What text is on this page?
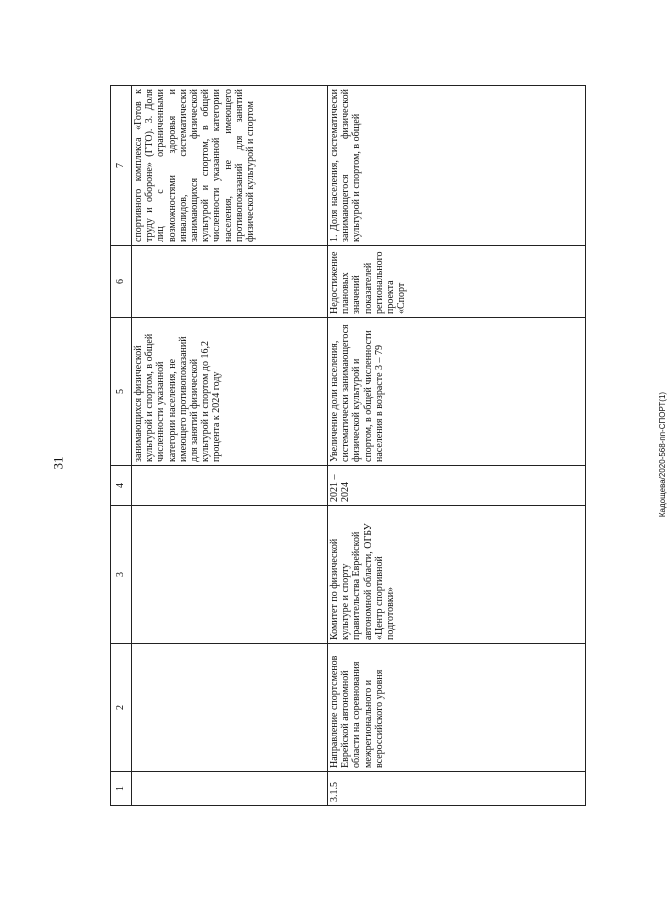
31
1	2	3	4	5	6	7
				занимающихся физической культурой и спортом, в общей численности указанной категории населения, не имеющего противопоказаний для занятий физической культурой и спортом до 16,2 процента к 2024 году		спортивного комплекса «Готов к труду и обороне» (ГТО). 3. Доля лиц с ограниченными возможностями здоровья и инвалидов, систематически занимающихся физической культурой и спортом, в общей численности указанной категории населения, не имеющего противопоказаний для занятий физической культурой и спортом
3.1.5	Направление спортсменов Еврейской автономной области на соревнования межрегионального и всероссийского уровня	Комитет по физической культуре и спорту правительства Еврейской автономной области, ОГБУ «Центр спортивной подготовки»	2021 – 2024	Увеличение доли населения, систематически занимающегося физической культурой и спортом, в общей численности населения в возрасте 3 – 79	Недостижение плановых значений показателей регионального проекта «Спорт	1. Доля населения, систематически занимающегося физической культурой и спортом, в общей
Кадощева/2020-568-пп-СПОРТ(1)
